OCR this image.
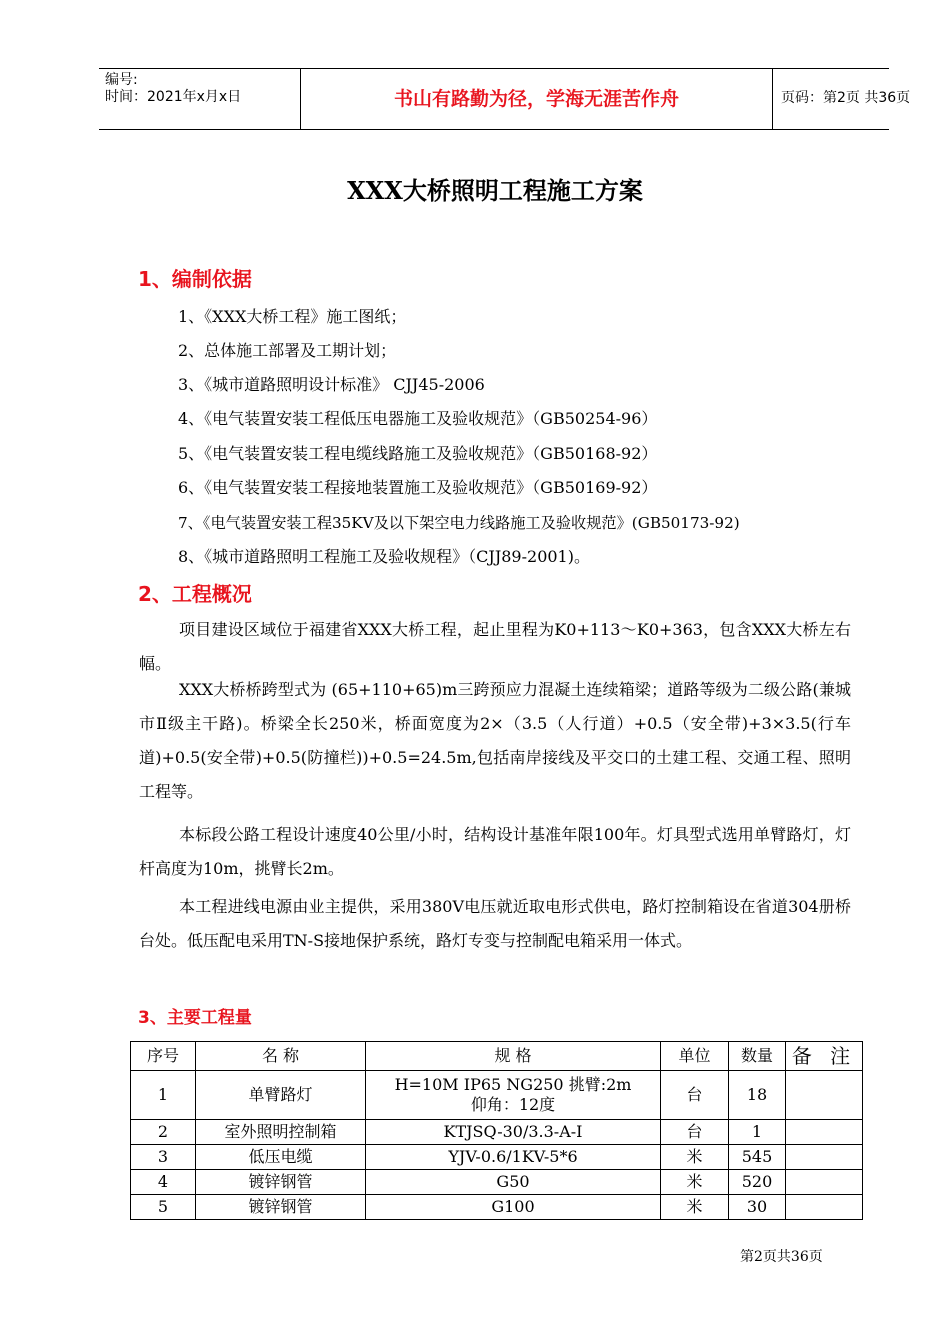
编号:
时间：2021年x月x日	书山有路勤为径，学海无涯苦作舟	页码：第2页 共36页
XXX大桥照明工程施工方案
1、编制依据
1、《XXX大桥工程》施工图纸；
2、总体施工部署及工期计划；
3、《城市道路照明设计标准》 CJJ45-2006
4、《电气装置安装工程低压电器施工及验收规范》（GB50254-96）
5、《电气装置安装工程电缆线路施工及验收规范》（GB50168-92）
6、《电气装置安装工程接地装置施工及验收规范》（GB50169-92）
7、《电气装置安装工程35KV及以下架空电力线路施工及验收规范》(GB50173-92)
8、《城市道路照明工程施工及验收规程》（CJJ89-2001)。
2、工程概况
项目建设区域位于福建省XXX大桥工程，起止里程为K0+113～K0+363，包含XXX大桥左右幅。
XXX大桥桥跨型式为 (65+110+65)m三跨预应力混凝土连续箱梁；道路等级为二级公路(兼城市Ⅱ级主干路)。桥梁全长250米，桥面宽度为2×（3.5（人行道）+0.5（安全带)+3×3.5(行车道)+0.5(安全带)+0.5(防撞栏))+0.5=24.5m,包括南岸接线及平交口的土建工程、交通工程、照明工程等。
本标段公路工程设计速度40公里/小时，结构设计基准年限100年。灯具型式选用单臂路灯，灯杆高度为10m，挑臂长2m。
本工程进线电源由业主提供，采用380V电压就近取电形式供电，路灯控制箱设在省道304册桥台处。低压配电采用TN-S接地保护系统，路灯专变与控制配电箱采用一体式。
3、主要工程量
序号	名 称	规 格	单位	数量	备 注
1	单臂路灯	H=10M IP65 NG250 挑臂:2m
仰角：12度	台	18	
2	室外照明控制箱	KTJSQ-30/3.3-A-I	台	1	
3	低压电缆	YJV-0.6/1KV-5*6	米	545	
4	镀锌钢管	G50	米	520	
5	镀锌钢管	G100	米	30	
第2页共36页
